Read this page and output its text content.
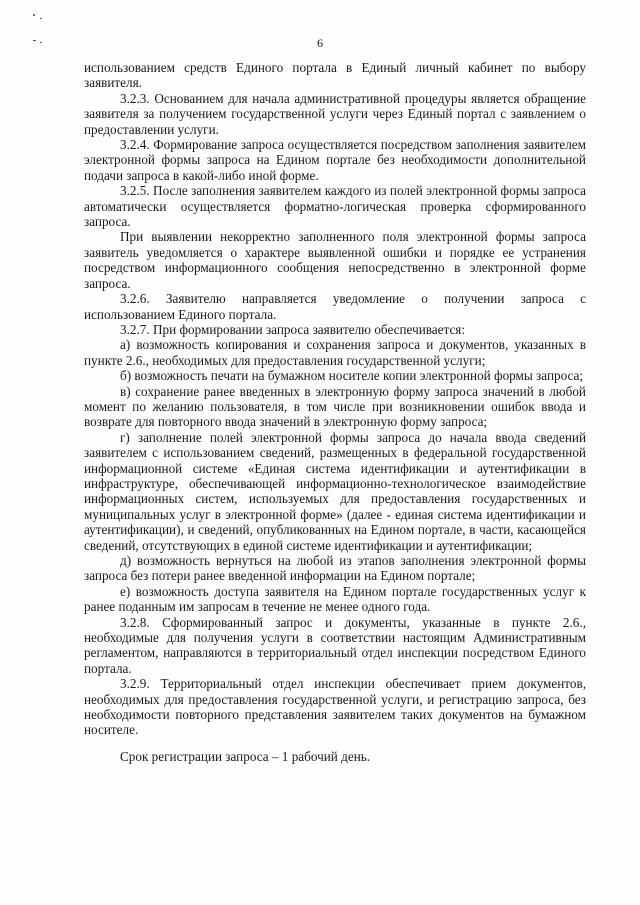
6

использованием средств Единого портала в Единый личный кабинет по выбору заявителя.

3.2.3. Основанием для начала административной процедуры является обращение заявителя за получением государственной услуги через Единый портал с заявлением о предоставлении услуги.

3.2.4. Формирование запроса осуществляется посредством заполнения заявителем электронной формы запроса на Едином портале без необходимости дополнительной подачи запроса в какой-либо иной форме.

3.2.5. После заполнения заявителем каждого из полей электронной формы запроса автоматически осуществляется форматно-логическая проверка сформированного запроса.

При выявлении некорректно заполненного поля электронной формы запроса заявитель уведомляется о характере выявленной ошибки и порядке ее устранения посредством информационного сообщения непосредственно в электронной форме запроса.

3.2.6. Заявителю направляется уведомление о получении запроса с использованием Единого портала.

3.2.7. При формировании запроса заявителю обеспечивается:

а) возможность копирования и сохранения запроса и документов, указанных в пункте 2.6., необходимых для предоставления государственной услуги;

б) возможность печати на бумажном носителе копии электронной формы запроса;

в) сохранение ранее введенных в электронную форму запроса значений в любой момент по желанию пользователя, в том числе при возникновении ошибок ввода и возврате для повторного ввода значений в электронную форму запроса;

г) заполнение полей электронной формы запроса до начала ввода сведений заявителем с использованием сведений, размещенных в федеральной государственной информационной системе «Единая система идентификации и аутентификации в инфраструктуре, обеспечивающей информационно-технологическое взаимодействие информационных систем, используемых для предоставления государственных и муниципальных услуг в электронной форме» (далее - единая система идентификации и аутентификации), и сведений, опубликованных на Едином портале, в части, касающейся сведений, отсутствующих в единой системе идентификации и аутентификации;

д) возможность вернуться на любой из этапов заполнения электронной формы запроса без потери ранее введенной информации на Едином портале;

е) возможность доступа заявителя на Едином портале государственных услуг к ранее поданным им запросам в течение не менее одного года.

3.2.8. Сформированный запрос и документы, указанные в пункте 2.6., необходимые для получения услуги в соответствии настоящим Административным регламентом, направляются в территориальный отдел инспекции посредством Единого портала.

3.2.9. Территориальный отдел инспекции обеспечивает прием документов, необходимых для предоставления государственной услуги, и регистрацию запроса, без необходимости повторного представления заявителем таких документов на бумажном носителе.

Срок регистрации запроса – 1 рабочий день.
